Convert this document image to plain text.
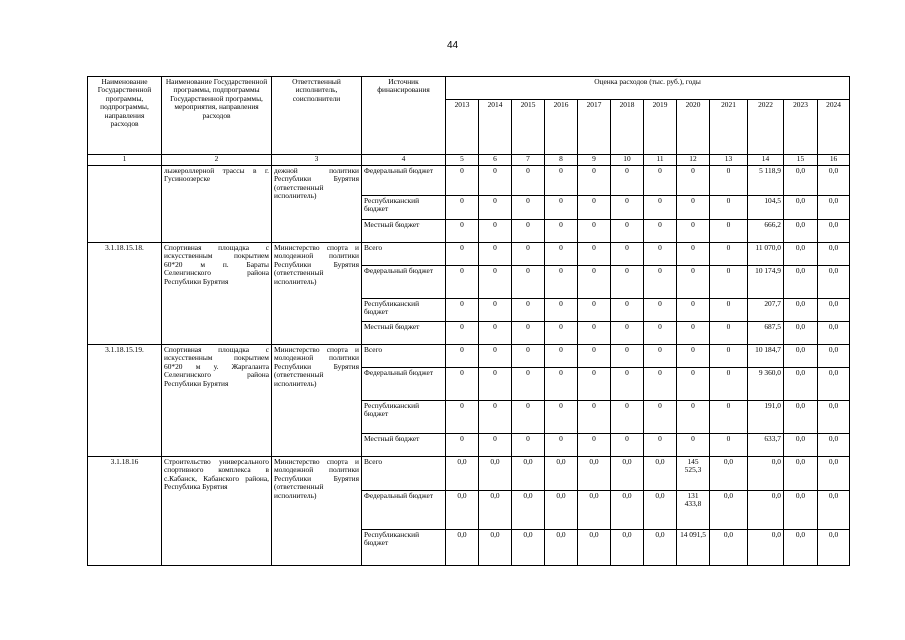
44
Наименование Государственной программы, подпрограммы, направления расходов	Наименование Государственной программы, подпрограммы Государственной программы, мероприятия, направления расходов	Ответственный исполнитель, соисполнители	Источник финансирования	Оценка расходов (тыс. руб.), годы											
				2013	2014	2015	2016	2017	2018	2019	2020	2021	2022	2023	2024
1	2	3	4	5	6	7	8	9	10	11	12	13	14	15	16
	лыжероллерной трассы в г. Гусиноозерске	дежной политики Республики Бурятия (ответственный исполнитель)	Федеральный бюджет	0	0	0	0	0	0	0	0	0	5 118,9	0,0	0,0
			Республиканский бюджет	0	0	0	0	0	0	0	0	0	104,5	0,0	0,0
			Местный бюджет	0	0	0	0	0	0	0	0	0	666,2	0,0	0,0
3.1.18.15.18.	Спортивная площадка с искусственным покрытием 60*20 м п. Бараты Селенгинского района Республики Бурятия	Министерство спорта и молодежной политики Республики Бурятия (ответственный исполнитель)	Всего	0	0	0	0	0	0	0	0	0	11 070,0	0,0	0,0
			Федеральный бюджет	0	0	0	0	0	0	0	0	0	10 174,9	0,0	0,0
			Республиканский бюджет	0	0	0	0	0	0	0	0	0	207,7	0,0	0,0
			Местный бюджет	0	0	0	0	0	0	0	0	0	687,5	0,0	0,0
3.1.18.15.19.	Спортивная площадка с искусственным покрытием 60*20 м у. Жаргаланта Селенгинского района Республики Бурятия	Министерство спорта и молодежной политики Республики Бурятия (ответственный исполнитель)	Всего	0	0	0	0	0	0	0	0	0	10 184,7	0,0	0,0
			Федеральный бюджет	0	0	0	0	0	0	0	0	0	9 360,0	0,0	0,0
			Республиканский бюджет	0	0	0	0	0	0	0	0	0	191,0	0,0	0,0
			Местный бюджет	0	0	0	0	0	0	0	0	0	633,7	0,0	0,0
3.1.18.16	Строительство универсального спортивного комплекса в с.Кабанск, Кабанского района, Республика Бурятия	Министерство спорта и молодежной политики Республики Бурятия (ответственный исполнитель)	Всего	0,0	0,0	0,0	0,0	0,0	0,0	0,0	145 525,3	0,0	0,0	0,0	0,0
			Федеральный бюджет	0,0	0,0	0,0	0,0	0,0	0,0	0,0	131 433,8	0,0	0,0	0,0	0,0
			Республиканский бюджет	0,0	0,0	0,0	0,0	0,0	0,0	0,0	14 091,5	0,0	0,0	0,0	0,0
